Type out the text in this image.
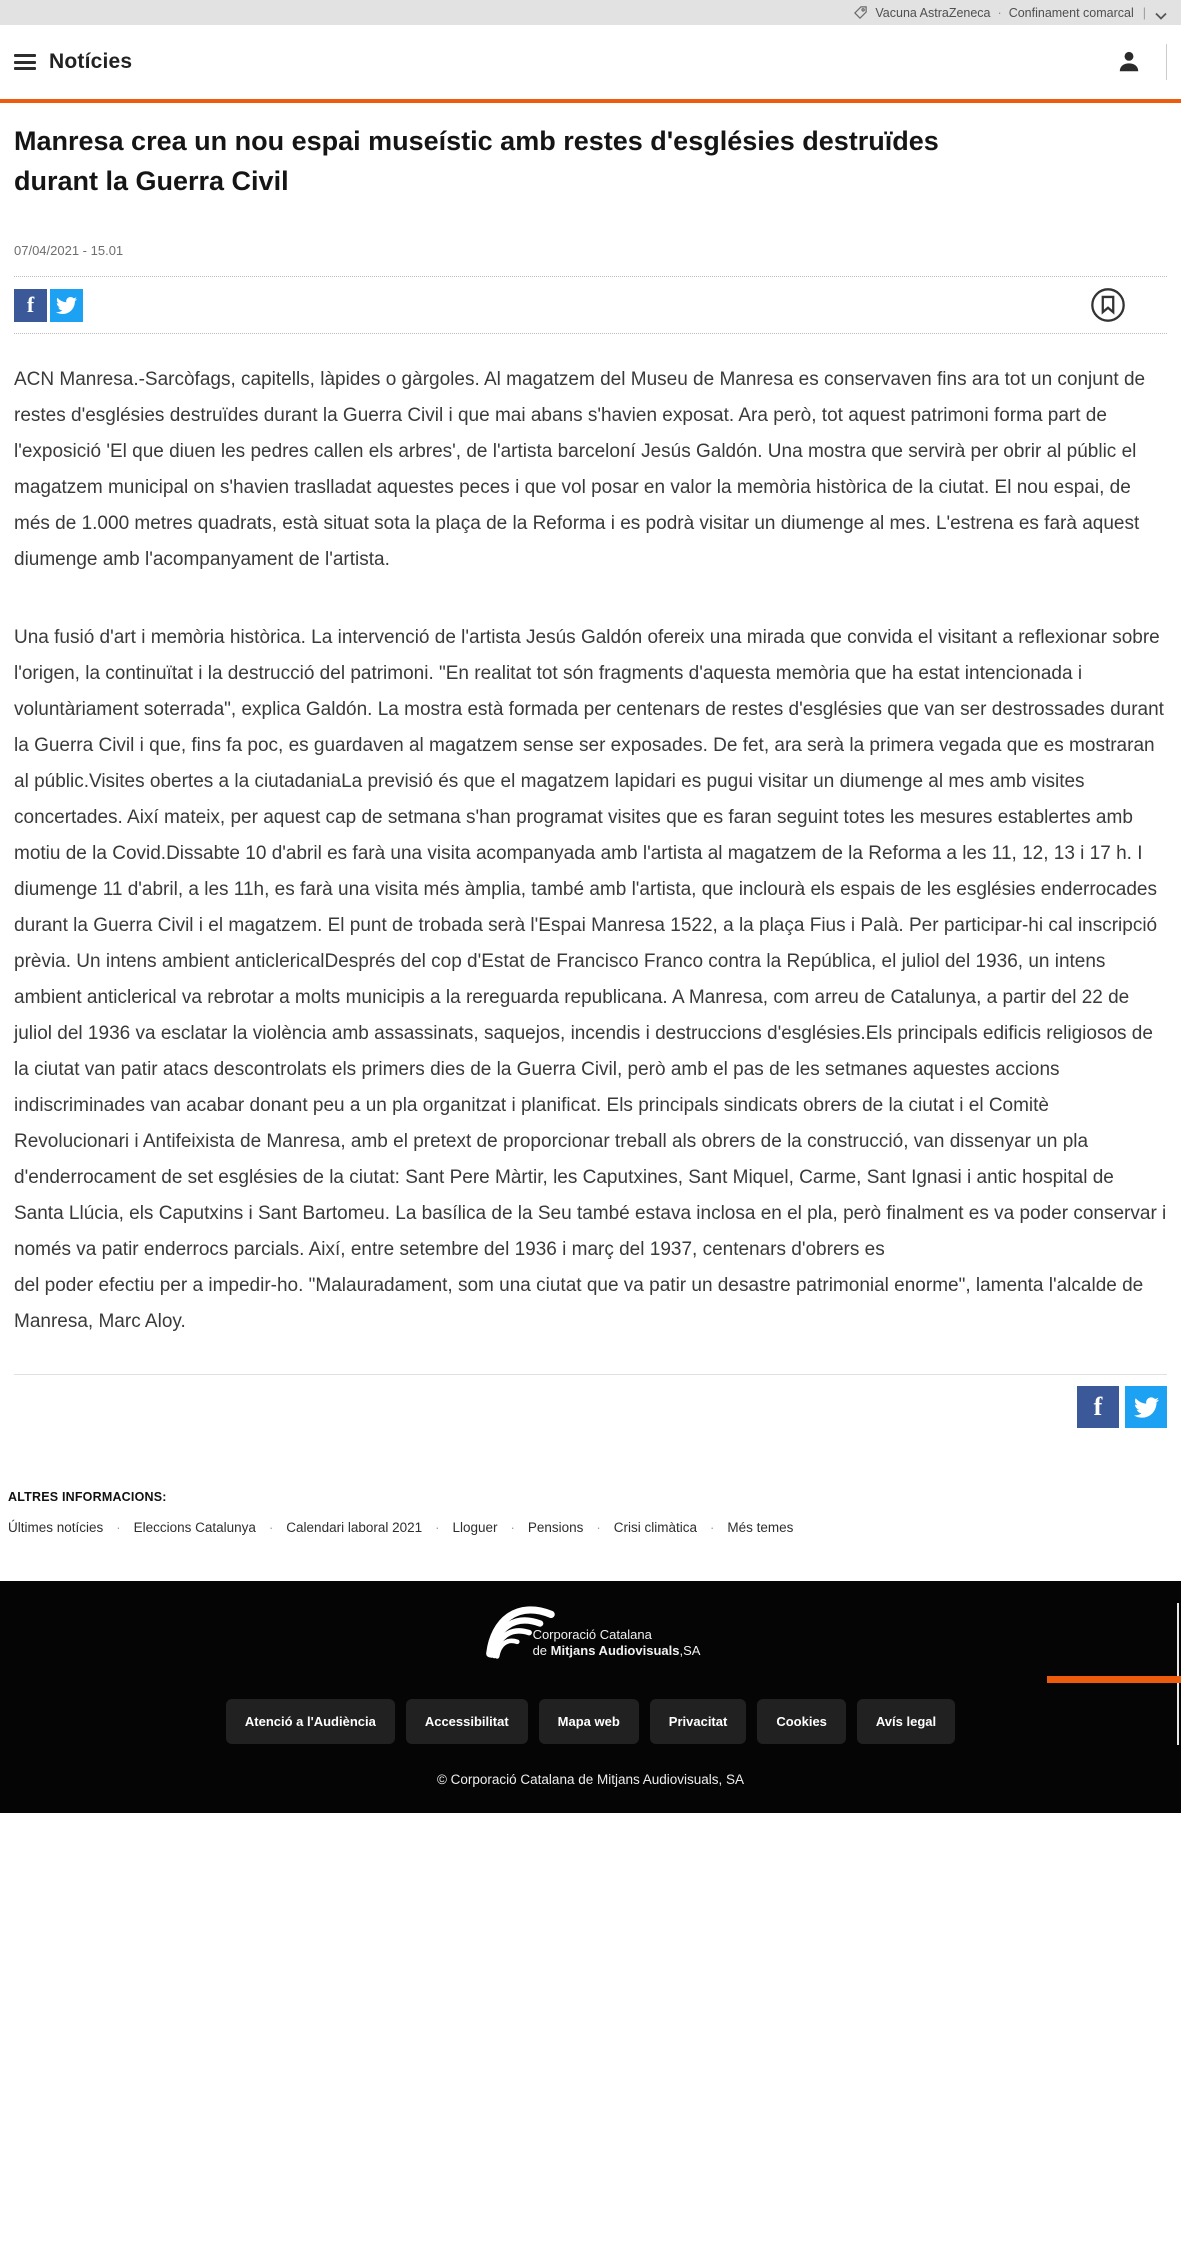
Vacuna AstraZeneca · Confinament comarcal |
Notícies
Manresa crea un nou espai museístic amb restes d'esglésies destruïdes durant la Guerra Civil
07/04/2021 - 15.01
f

ACN Manresa.-Sarcòfags, capitells, làpides o gàrgoles. Al magatzem del Museu de Manresa es conservaven fins ara tot un conjunt de restes d'esglésies destruïdes durant la Guerra Civil i que mai abans s'havien exposat. Ara però, tot aquest patrimoni forma part de l'exposició 'El que diuen les pedres callen els arbres', de l'artista barceloní Jesús Galdón. Una mostra que servirà per obrir al públic el magatzem municipal on s'havien traslladat aquestes peces i que vol posar en valor la memòria històrica de la ciutat. El nou espai, de més de 1.000 metres quadrats, està situat sota la plaça de la Reforma i es podrà visitar un diumenge al mes. L'estrena es farà aquest diumenge amb l'acompanyament de l'artista.

Una fusió d'art i memòria històrica. La intervenció de l'artista Jesús Galdón ofereix una mirada que convida el visitant a reflexionar sobre l'origen, la continuïtat i la destrucció del patrimoni. "En realitat tot són fragments d'aquesta memòria que ha estat intencionada i voluntàriament soterrada", explica Galdón. La mostra està formada per centenars de restes d'esglésies que van ser destrossades durant la Guerra Civil i que, fins fa poc, es guardaven al magatzem sense ser exposades. De fet, ara serà la primera vegada que es mostraran al públic.Visites obertes a la ciutadaniaLa previsió és que el magatzem lapidari es pugui visitar un diumenge al mes amb visites concertades. Així mateix, per aquest cap de setmana s'han programat visites que es faran seguint totes les mesures establertes amb motiu de la Covid.Dissabte 10 d'abril es farà una visita acompanyada amb l'artista al magatzem de la Reforma a les 11, 12, 13 i 17 h. I diumenge 11 d'abril, a les 11h, es farà una visita més àmplia, també amb l'artista, que inclourà els espais de les esglésies enderrocades durant la Guerra Civil i el magatzem. El punt de trobada serà l'Espai Manresa 1522, a la plaça Fius i Palà. Per participar-hi cal inscripció prèvia. Un intens ambient anticlericalDesprés del cop d'Estat de Francisco Franco contra la República, el juliol del 1936, un intens ambient anticlerical va rebrotar a molts municipis a la rereguarda republicana. A Manresa, com arreu de Catalunya, a partir del 22 de juliol del 1936 va esclatar la violència amb assassinats, saquejos, incendis i destruccions d'esglésies.Els principals edificis religiosos de la ciutat van patir atacs descontrolats els primers dies de la Guerra Civil, però amb el pas de les setmanes aquestes accions indiscriminades van acabar donant peu a un pla organitzat i planificat. Els principals sindicats obrers de la ciutat i el Comitè Revolucionari i Antifeixista de Manresa, amb el pretext de proporcionar treball als obrers de la construcció, van dissenyar un pla d'enderrocament de set esglésies de la ciutat: Sant Pere Màrtir, les Caputxines, Sant Miquel, Carme, Sant Ignasi i antic hospital de Santa Llúcia, els Caputxins i Sant Bartomeu. La basílica de la Seu també estava inclosa en el pla, però finalment es va poder conservar i només va patir enderrocs parcials. Així, entre setembre del 1936 i març del 1937, centenars d'obrers es

del poder efectiu per a impedir-ho. "Malauradament, som una ciutat que va patir un desastre patrimonial enorme", lamenta l'alcalde de Manresa, Marc Aloy.

f
ALTRES INFORMACIONS:
Últimes notícies · Eleccions Catalunya · Calendari laboral 2021 · Lloguer · Pensions · Crisi climàtica · Més temes
Corporació Catalana
de Mitjans Audiovisuals,SA
Atenció a l'Audiència	Accessibilitat	Mapa web	Privacitat	Cookies	Avís legal
© Corporació Catalana de Mitjans Audiovisuals, SA
